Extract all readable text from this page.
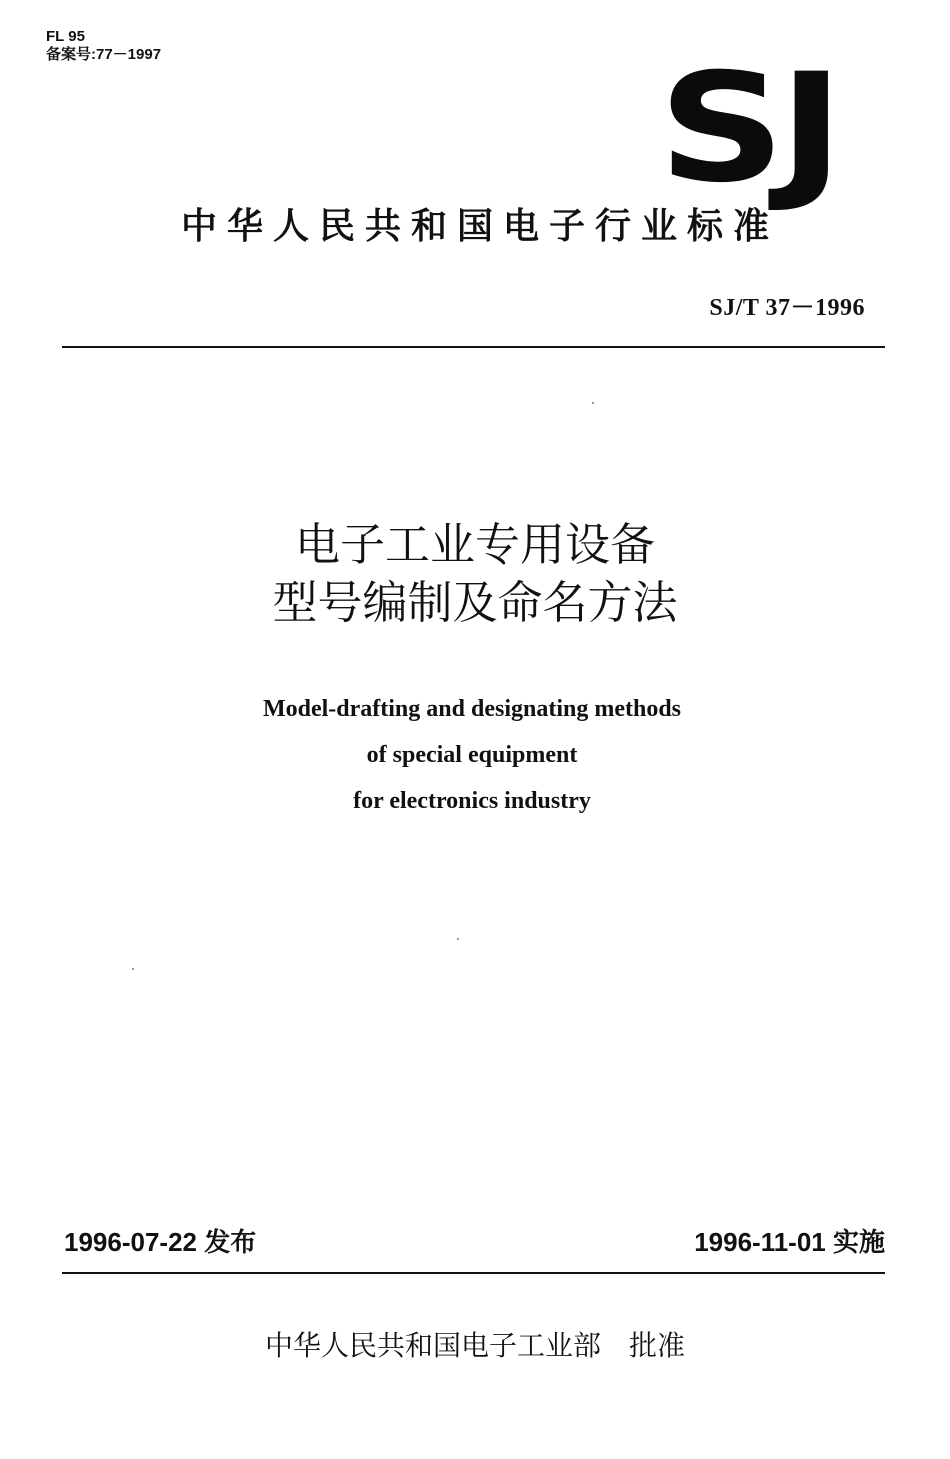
FL 95
备案号:77－1997	SJ
中华人民共和国电子行业标准
SJ/T 37－1996
电子工业专用设备
型号编制及命名方法
Model-drafting and designating methods
of special equipment
for electronics industry
1996-07-22 发布	1996-11-01 实施
中华人民共和国电子工业部 批准
